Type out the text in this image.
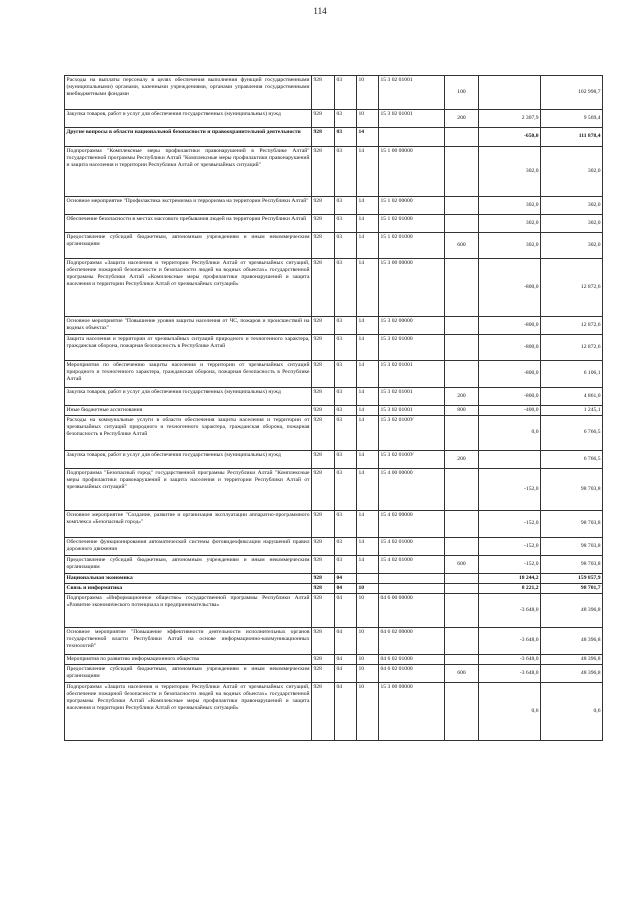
114
Расходы на выплаты персоналу в целях обеспечения выполнения функций государственными (муниципальными) органами, казенными учреждениями, органами управления государственными внебюджетными фондами	928	03	10	15 3 02 01001	100		102 998,7
Закупка товаров, работ и услуг для обеспечения государственных (муниципальных) нужд	928	03	10	15 3 02 01001	200	2 307,9	9 569,4
Другие вопросы в области национальной безопасности и правоохранительной деятельности	928	03	14			-650,0	111 878,4
Подпрограмма "Комплексные меры профилактики правонарушений в Республике Алтай" государственной программы Республики Алтай "Комплексные меры профилактики правонарушений и защита населения и территории Республики Алтай от чрезвычайных ситуаций"	928	03	14	15 1 00 00000		302,0	302,0
Основное мероприятие "Профилактика экстремизма и терроризма на территории Республики Алтай"	928	03	14	15 1 02 00000		302,0	302,0
Обеспечение безопасности в местах массового пребывания людей на территории Республики Алтай	928	03	14	15 1 02 01000		302,0	302,0
Предоставление субсидий бюджетным, автономным учреждениям и иным некоммерческим организациям	928	03	14	15 1 02 01000	600	302,0	302,0
Подпрограмма «Защита населения и территории Республики Алтай от чрезвычайных ситуаций, обеспечение пожарной безопасности и безопасности людей на водных объектах» государственной программы Республики Алтай «Комплексные меры профилактики правонарушений и защита населения и территории Республики Алтай от чрезвычайных ситуаций»	928	03	14	15 3 00 00000		-800,0	12 872,6
Основное мероприятие "Повышение уровня защиты населения от ЧС, пожаров и происшествий на водных объектах"	928	03	14	15 3 02 00000		-800,0	12 872,6
Защита населения и территории от чрезвычайных ситуаций природного и техногенного характера, гражданская оборона, пожарная безопасность в Республике Алтай	928	03	14	15 3 02 01000		-800,0	12 872,6
Мероприятия по обеспечению защиты населения и территории от чрезвычайных ситуаций природного и техногенного характера, гражданская оборона, пожарная безопасность в Республике Алтай	928	03	14	15 3 02 01001		-800,0	6 106,1
Закупка товаров, работ и услуг для обеспечения государственных (муниципальных) нужд	928	03	14	15 3 02 01001	200	-800,0	4 861,0
Иные бюджетные ассигнования	928	03	14	15 3 02 01001	800	-400,0	1 245,1
Расходы на коммунальные услуги в области обеспечения защиты населения и территории от чрезвычайных ситуаций природного и техногенного характера, гражданская оборона, пожарная безопасность в Республике Алтай	928	03	14	15 3 02 0100У		0,0	6 766,5
Закупка товаров, работ и услуг для обеспечения государственных (муниципальных) нужд	928	03	14	15 3 02 0100У	200		6 766,5
Подпрограмма "Безопасный город" государственной программы Республики Алтай "Комплексные меры профилактики правонарушений и защита населения и территории Республики Алтай от чрезвычайных ситуаций"	928	03	14	15 4 00 00000		-152,0	98 703,8
Основное мероприятие "Создание, развитие и организация эксплуатации аппаратно-программного комплекса «Безопасный город»"	928	03	14	15 4 02 00000		-152,0	98 703,8
Обеспечение функционирования автоматической системы фотовидеофиксации нарушений правил дорожного движения	928	03	14	15 4 02 01000		-152,0	98 703,8
Предоставление субсидий бюджетным, автономным учреждениям и иным некоммерческим организациям	928	03	14	15 4 02 01000	600	-152,0	98 703,8
Национальная экономика	928	04				18 244,2	159 857,9
Связь и информатика	928	04	10			8 221,2	98 701,7
Подпрограмма «Информационное общество» государственной программы Республики Алтай «Развитие экономического потенциала и предпринимательства»	928	04	10	04 6 00 00000		-3 648,0	48 396,8
Основное мероприятие "Повышение эффективности деятельности исполнительных органов государственной власти Республики Алтай на основе информационно-коммуникационных технологий"	928	04	10	04 6 02 00000		-3 648,0	48 396,8
Мероприятия по развитию информационного общества	928	04	10	04 6 02 01000		-3 648,0	48 396,8
Предоставление субсидий бюджетным, автономным учреждениям и иным некоммерческим организациям	928	04	10	04 6 02 01000	600	-3 648,0	48 396,8
Подпрограмма «Защита населения и территории Республики Алтай от чрезвычайных ситуаций, обеспечение пожарной безопасности и безопасности людей на водных объектах» государственной программы Республики Алтай «Комплексные меры профилактики правонарушений и защита населения и территории Республики Алтай от чрезвычайных ситуаций»	928	04	10	15 3 00 00000		0,6	0,6
